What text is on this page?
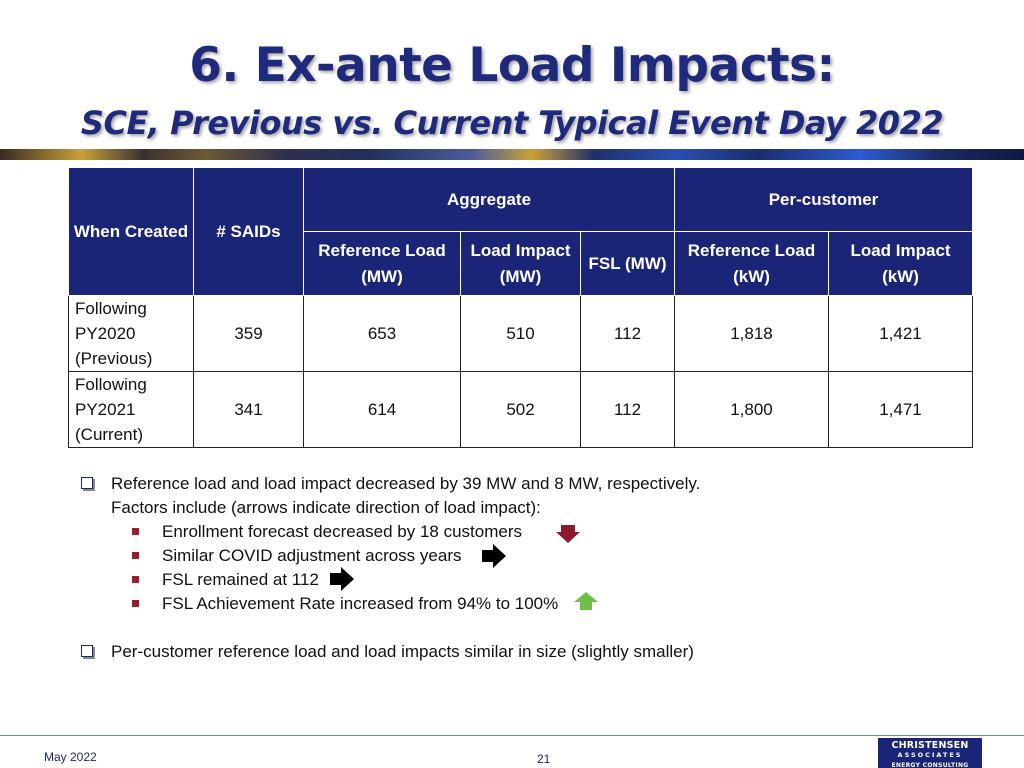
6. Ex-ante Load Impacts:
SCE, Previous vs. Current Typical Event Day 2022
When Created	# SAIDs	Aggregate			Per-customer	
		Reference Load (MW)	Load Impact (MW)	FSL (MW)	Reference Load (kW)	Load Impact (kW)
Following PY2020 (Previous)	359	653	510	112	1,818	1,421
Following PY2021 (Current)	341	614	502	112	1,800	1,471
Reference load and load impact decreased by 39 MW and 8 MW, respectively.
Factors include (arrows indicate direction of load impact):
Enrollment forecast decreased by 18 customers
Similar COVID adjustment across years
FSL remained at 112
FSL Achievement Rate increased from 94% to 100%
Per-customer reference load and load impacts similar in size (slightly smaller)
May 2022	21
CHRISTENSEN
ASSOCIATES
ENERGY CONSULTING
